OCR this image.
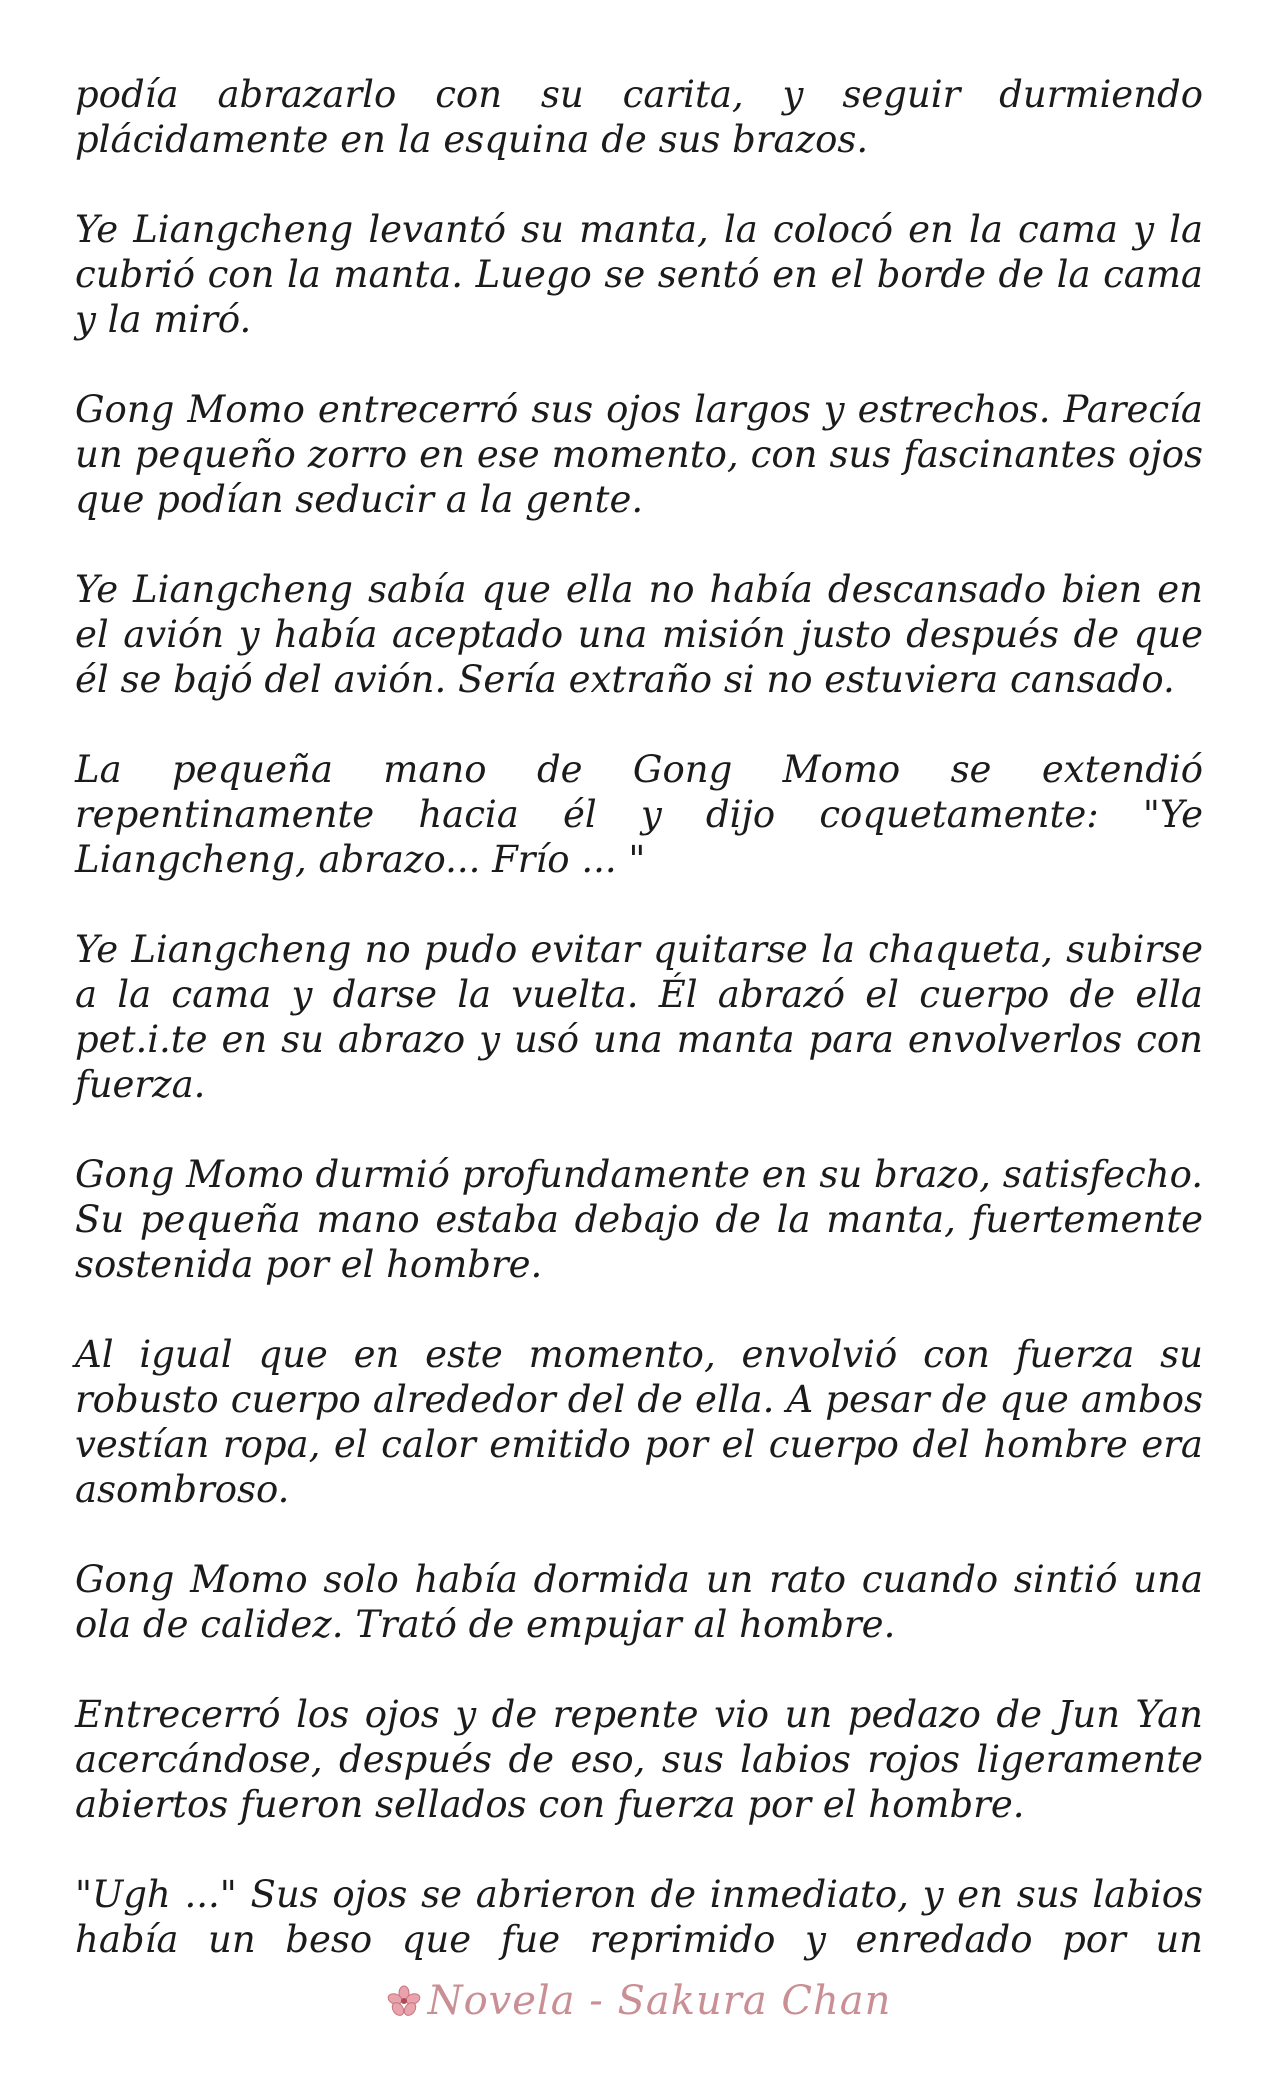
podía abrazarlo con su carita, y seguir durmiendo plácidamente en la esquina de sus brazos.

Ye Liangcheng levantó su manta, la colocó en la cama y la cubrió con la manta. Luego se sentó en el borde de la cama y la miró.

Gong Momo entrecerró sus ojos largos y estrechos. Parecía un pequeño zorro en ese momento, con sus fascinantes ojos que podían seducir a la gente.

Ye Liangcheng sabía que ella no había descansado bien en el avión y había aceptado una misión justo después de que él se bajó del avión. Sería extraño si no estuviera cansado.

La pequeña mano de Gong Momo se extendió repentinamente hacia él y dijo coquetamente: "Ye Liangcheng, abrazo... Frío ... "

Ye Liangcheng no pudo evitar quitarse la chaqueta, subirse a la cama y darse la vuelta. Él abrazó el cuerpo de ella pet.i.te en su abrazo y usó una manta para envolverlos con fuerza.

Gong Momo durmió profundamente en su brazo, satisfecho. Su pequeña mano estaba debajo de la manta, fuertemente sostenida por el hombre.

Al igual que en este momento, envolvió con fuerza su robusto cuerpo alrededor del de ella. A pesar de que ambos vestían ropa, el calor emitido por el cuerpo del hombre era asombroso.

Gong Momo solo había dormida un rato cuando sintió una ola de calidez. Trató de empujar al hombre.

Entrecerró los ojos y de repente vio un pedazo de Jun Yan acercándose, después de eso, sus labios rojos ligeramente abiertos fueron sellados con fuerza por el hombre.

"Ugh ..." Sus ojos se abrieron de inmediato, y en sus labios había un beso que fue reprimido y enredado por un

Novela - Sakura Chan
